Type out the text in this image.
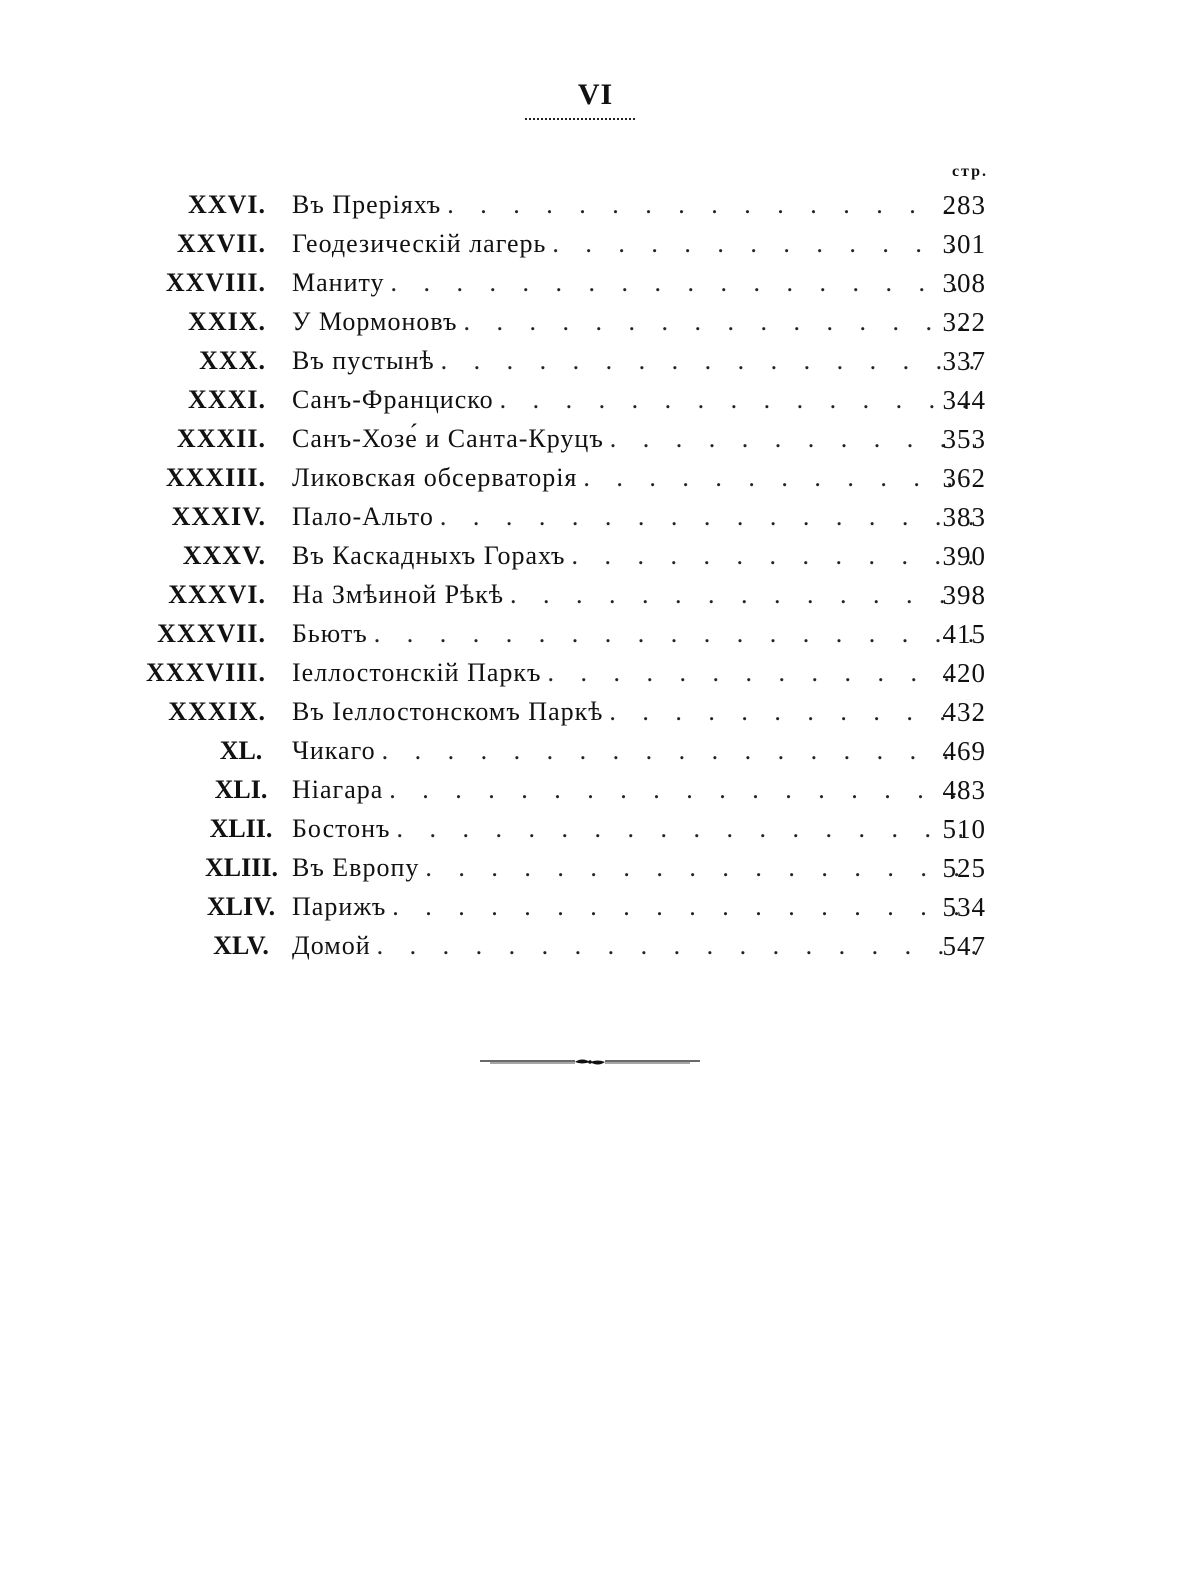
VI
стр.
XXVI. Въ Преріяхъ . . .	283
XXVII. Геодезическій лагерь . . .	301
XXVIII. Маниту . . .	308
XXIX. У Мормоновъ . . .	322
XXX. Въ пустынѣ . . .	337
XXXI. Санъ-Франциско . . .	344
XXXII. Санъ-Хозе́ и Санта-Круцъ . . .	353
XXXIII. Ликовская обсерваторія . . .	362
XXXIV. Пало-Альто . . .	383
XXXV. Въ Каскадныхъ Горахъ . . .	390
XXXVI. На Змѣиной Рѣкѣ . . .	398
XXXVII. Бьютъ . . .	415
XXXVIII. Іеллостонскій Паркъ . . .	420
XXXIX. Въ Іеллостонскомъ Паркѣ . . .	432
XL.	Чикаго . . .	469
XLI. Ніагара . . .	483
XLII. Бостонъ . . .	510
XLIII. Въ Европу . . .	525
XLIV. Парижъ . . .	534
XLV. Домой . . .	547
